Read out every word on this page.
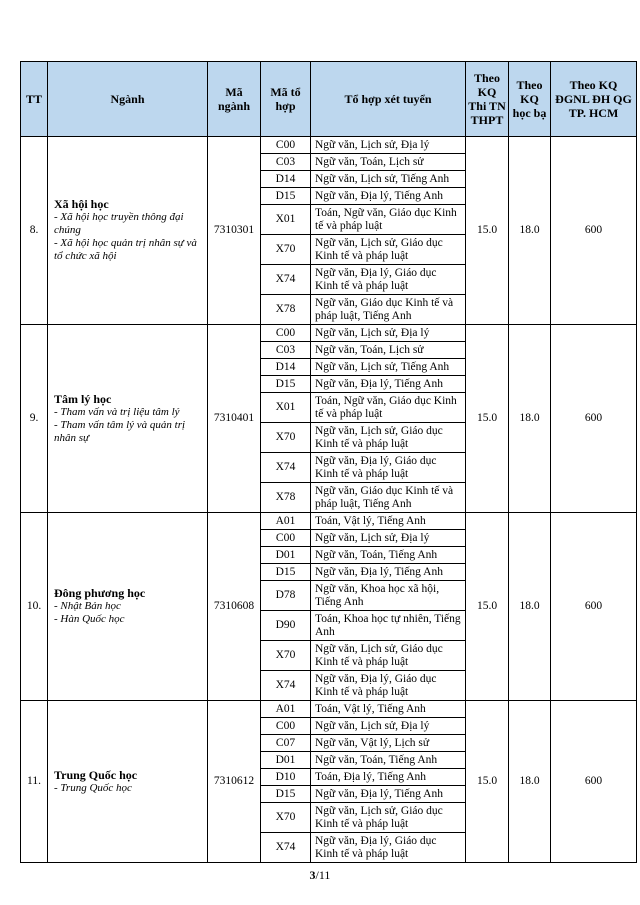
TT	Ngành	Mã ngành	Mã tổ hợp	Tổ hợp xét tuyển	Theo KQ Thi TN THPT	Theo KQ học bạ	Theo KQ ĐGNL ĐH QG TP. HCM
8.	Xã hội học
- Xã hội học truyền thông đại chúng
- Xã hội học quản trị nhân sự và tổ chức xã hội	7310301	C00	Ngữ văn, Lịch sử, Địa lý	15.0	18.0	600
			C03	Ngữ văn, Toán, Lịch sử			
			D14	Ngữ văn, Lịch sử, Tiếng Anh			
			D15	Ngữ văn, Địa lý, Tiếng Anh			
			X01	Toán, Ngữ văn, Giáo dục Kinh tế và pháp luật			
			X70	Ngữ văn, Lịch sử, Giáo dục Kinh tế và pháp luật			
			X74	Ngữ văn, Địa lý, Giáo dục Kinh tế và pháp luật			
			X78	Ngữ văn, Giáo dục Kinh tế và pháp luật, Tiếng Anh			
9.	Tâm lý học
- Tham vấn và trị liệu tâm lý
- Tham vấn tâm lý và quản trị nhân sự	7310401	C00	Ngữ văn, Lịch sử, Địa lý	15.0	18.0	600
			C03	Ngữ văn, Toán, Lịch sử			
			D14	Ngữ văn, Lịch sử, Tiếng Anh			
			D15	Ngữ văn, Địa lý, Tiếng Anh			
			X01	Toán, Ngữ văn, Giáo dục Kinh tế và pháp luật			
			X70	Ngữ văn, Lịch sử, Giáo dục Kinh tế và pháp luật			
			X74	Ngữ văn, Địa lý, Giáo dục Kinh tế và pháp luật			
			X78	Ngữ văn, Giáo dục Kinh tế và pháp luật, Tiếng Anh			
10.	Đông phương học
- Nhật Bản học
- Hàn Quốc học	7310608	A01	Toán, Vật lý, Tiếng Anh	15.0	18.0	600
			C00	Ngữ văn, Lịch sử, Địa lý			
			D01	Ngữ văn, Toán, Tiếng Anh			
			D15	Ngữ văn, Địa lý, Tiếng Anh			
			D78	Ngữ văn, Khoa học xã hội, Tiếng Anh			
			D90	Toán, Khoa học tự nhiên, Tiếng Anh			
			X70	Ngữ văn, Lịch sử, Giáo dục Kinh tế và pháp luật			
			X74	Ngữ văn, Địa lý, Giáo dục Kinh tế và pháp luật			
11.	Trung Quốc học
- Trung Quốc học	7310612	A01	Toán, Vật lý, Tiếng Anh	15.0	18.0	600
			C00	Ngữ văn, Lịch sử, Địa lý			
			C07	Ngữ văn, Vật lý, Lịch sử			
			D01	Ngữ văn, Toán, Tiếng Anh			
			D10	Toán, Địa lý, Tiếng Anh			
			D15	Ngữ văn, Địa lý, Tiếng Anh			
			X70	Ngữ văn, Lịch sử, Giáo dục Kinh tế và pháp luật			
			X74	Ngữ văn, Địa lý, Giáo dục Kinh tế và pháp luật			
3/11
